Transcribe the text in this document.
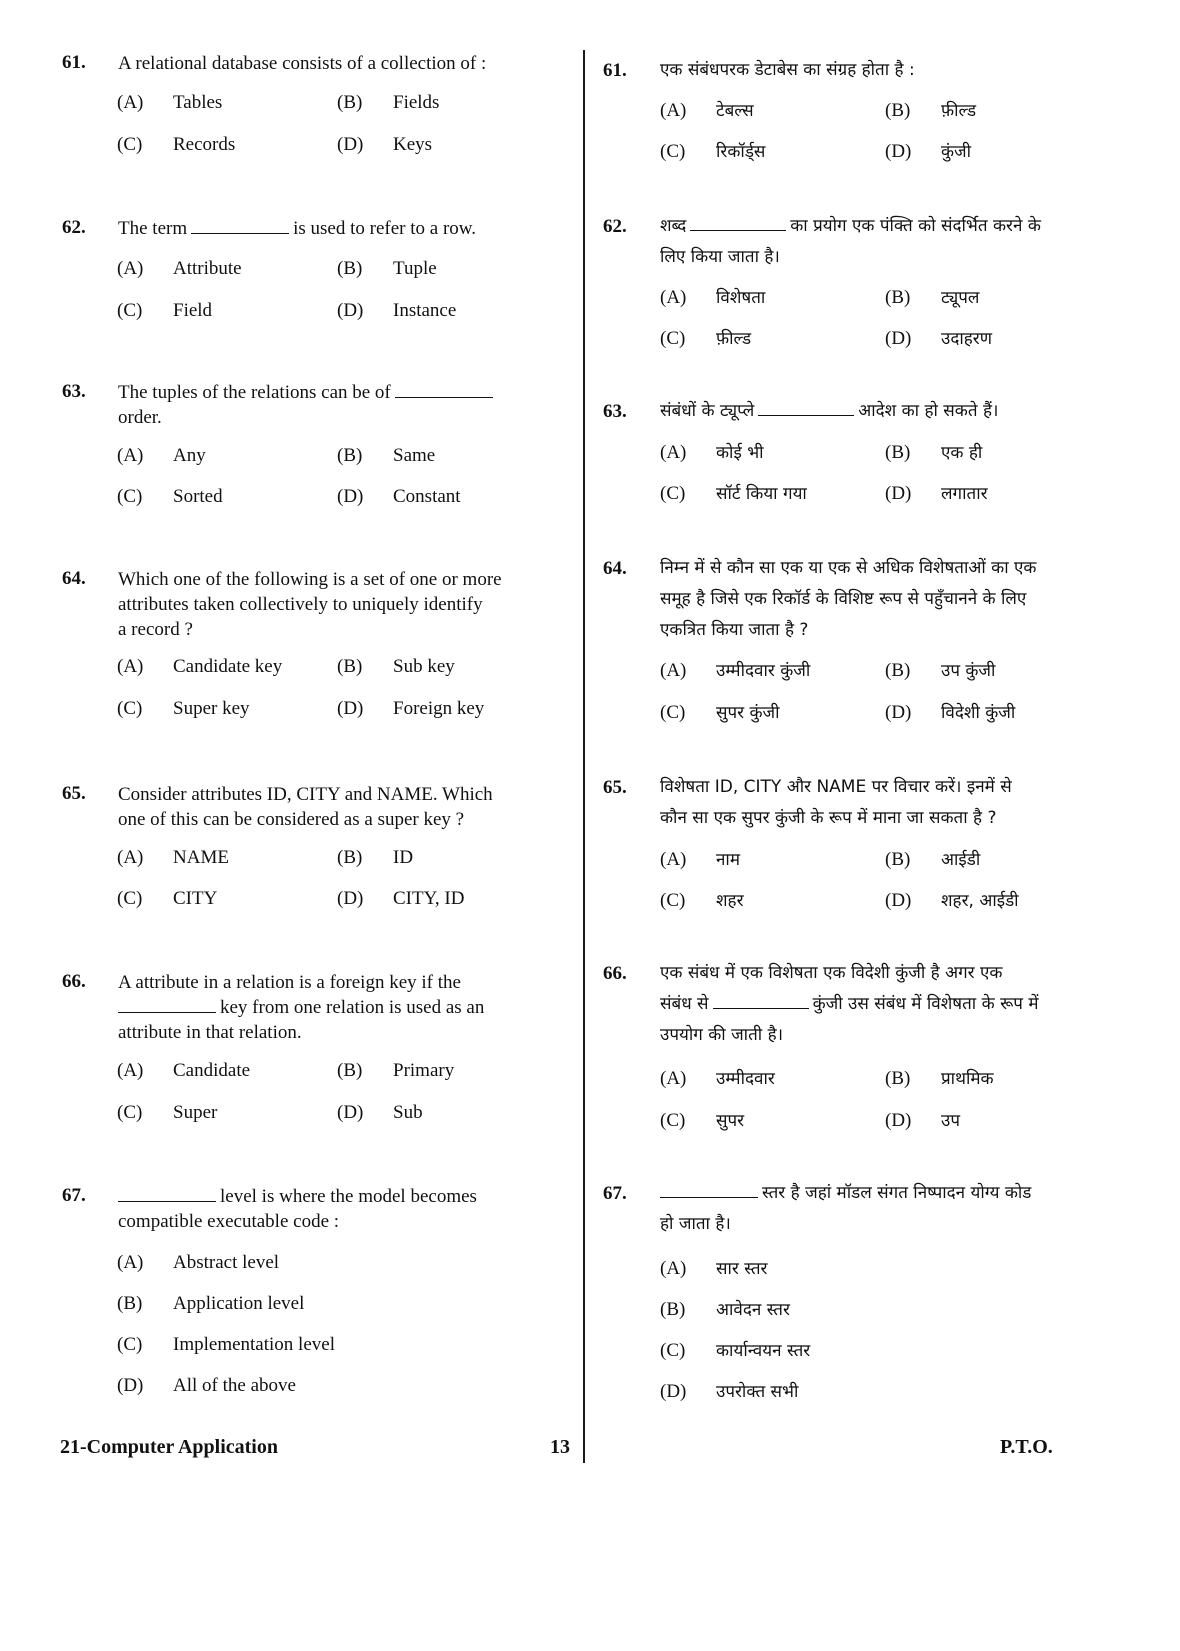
61. A relational database consists of a collection of :
(A) Tables	(B) Fields
(C) Records	(D) Keys
62. The term	is used to refer to a row.
(A) Attribute	(B) Tuple
(C) Field	(D) Instance
63. The tuples of the relations can be of
order.
(A) Any	(B) Same
(C) Sorted	(D) Constant
64. Which one of the following is a set of one or more
attributes taken collectively to uniquely identify
a record ?
(A) Candidate key	(B) Sub key
(C) Super key	(D) Foreign key
65. Consider attributes ID, CITY and NAME. Which
one of this can be considered as a super key ?
(A) NAME	(B) ID
(C) CITY	(D) CITY, ID
66. A attribute in a relation is a foreign key if the
key from one relation is used as an
attribute in that relation.
(A) Candidate	(B) Primary
(C) Super	(D) Sub
67.	level is where the model becomes
compatible executable code :
(A) Abstract level
(B) Application level
(C) Implementation level
(D) All of the above
61. एक संबंधपरक डेटाबेस का संग्रह होता है :
(A) टेबल्स	(B) फ़ील्ड
(C) रिकॉर्ड्स	(D) कुंजी
62. शब्द	का प्रयोग एक पंक्ति को संदर्भित करने के
लिए किया जाता है।
(A) विशेषता	(B) ट्यूपल
(C) फ़ील्ड	(D) उदाहरण
63. संबंधों के ट्यूप्ले	आदेश का हो सकते हैं।
(A) कोई भी	(B) एक ही
(C) सॉर्ट किया गया	(D) लगातार
64. निम्न में से कौन सा एक या एक से अधिक विशेषताओं का एक
समूह है जिसे एक रिकॉर्ड के विशिष्ट रूप से पहुँचानने के लिए
एकत्रित किया जाता है ?
(A) उम्मीदवार कुंजी	(B) उप कुंजी
(C) सुपर कुंजी	(D) विदेशी कुंजी
65. विशेषता ID, CITY और NAME पर विचार करें। इनमें से
कौन सा एक सुपर कुंजी के रूप में माना जा सकता है ?
(A) नाम	(B) आईडी
(C) शहर	(D) शहर, आईडी
66. एक संबंध में एक विशेषता एक विदेशी कुंजी है अगर एक
संबंध से	कुंजी उस संबंध में विशेषता के रूप में
उपयोग की जाती है।
(A) उम्मीदवार	(B) प्राथमिक
(C) सुपर	(D) उप
67.	स्तर है जहां मॉडल संगत निष्पादन योग्य कोड
हो जाता है।
(A) सार स्तर
(B) आवेदन स्तर
(C) कार्यान्वयन स्तर
(D) उपरोक्त सभी
21-Computer Application	13	P.T.O.
